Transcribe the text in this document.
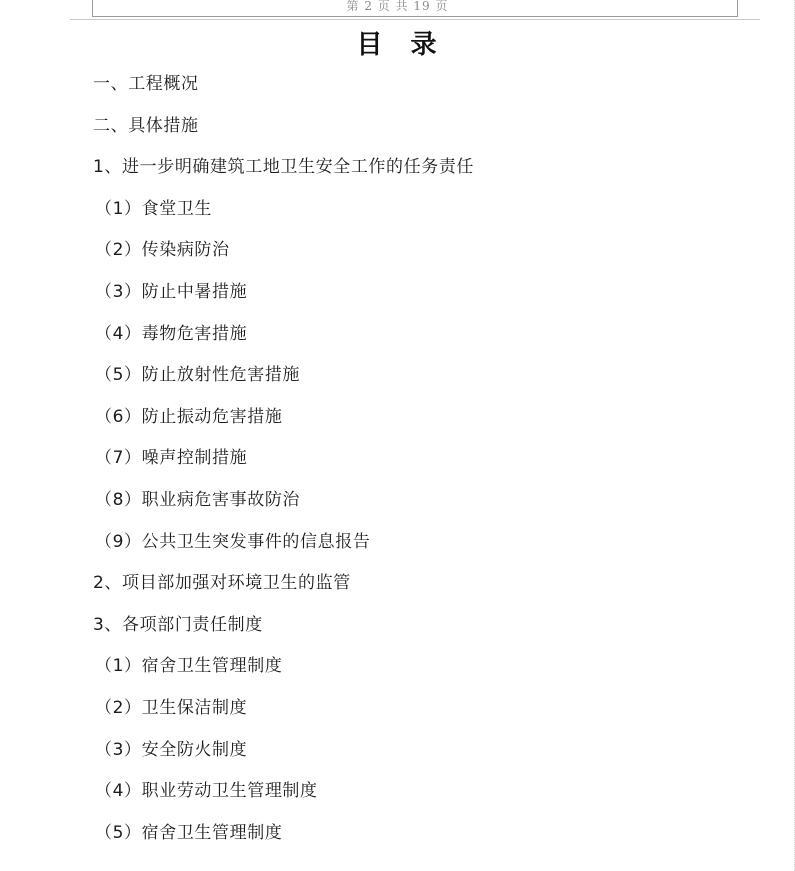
第 2 页 共 19 页
目 录
一、工程概况
二、具体措施
1、进一步明确建筑工地卫生安全工作的任务责任
（1）食堂卫生
（2）传染病防治
（3）防止中暑措施
（4）毒物危害措施
（5）防止放射性危害措施
（6）防止振动危害措施
（7）噪声控制措施
（8）职业病危害事故防治
（9）公共卫生突发事件的信息报告
2、项目部加强对环境卫生的监管
3、各项部门责任制度
（1）宿舍卫生管理制度
（2）卫生保洁制度
（3）安全防火制度
（4）职业劳动卫生管理制度
（5）宿舍卫生管理制度
